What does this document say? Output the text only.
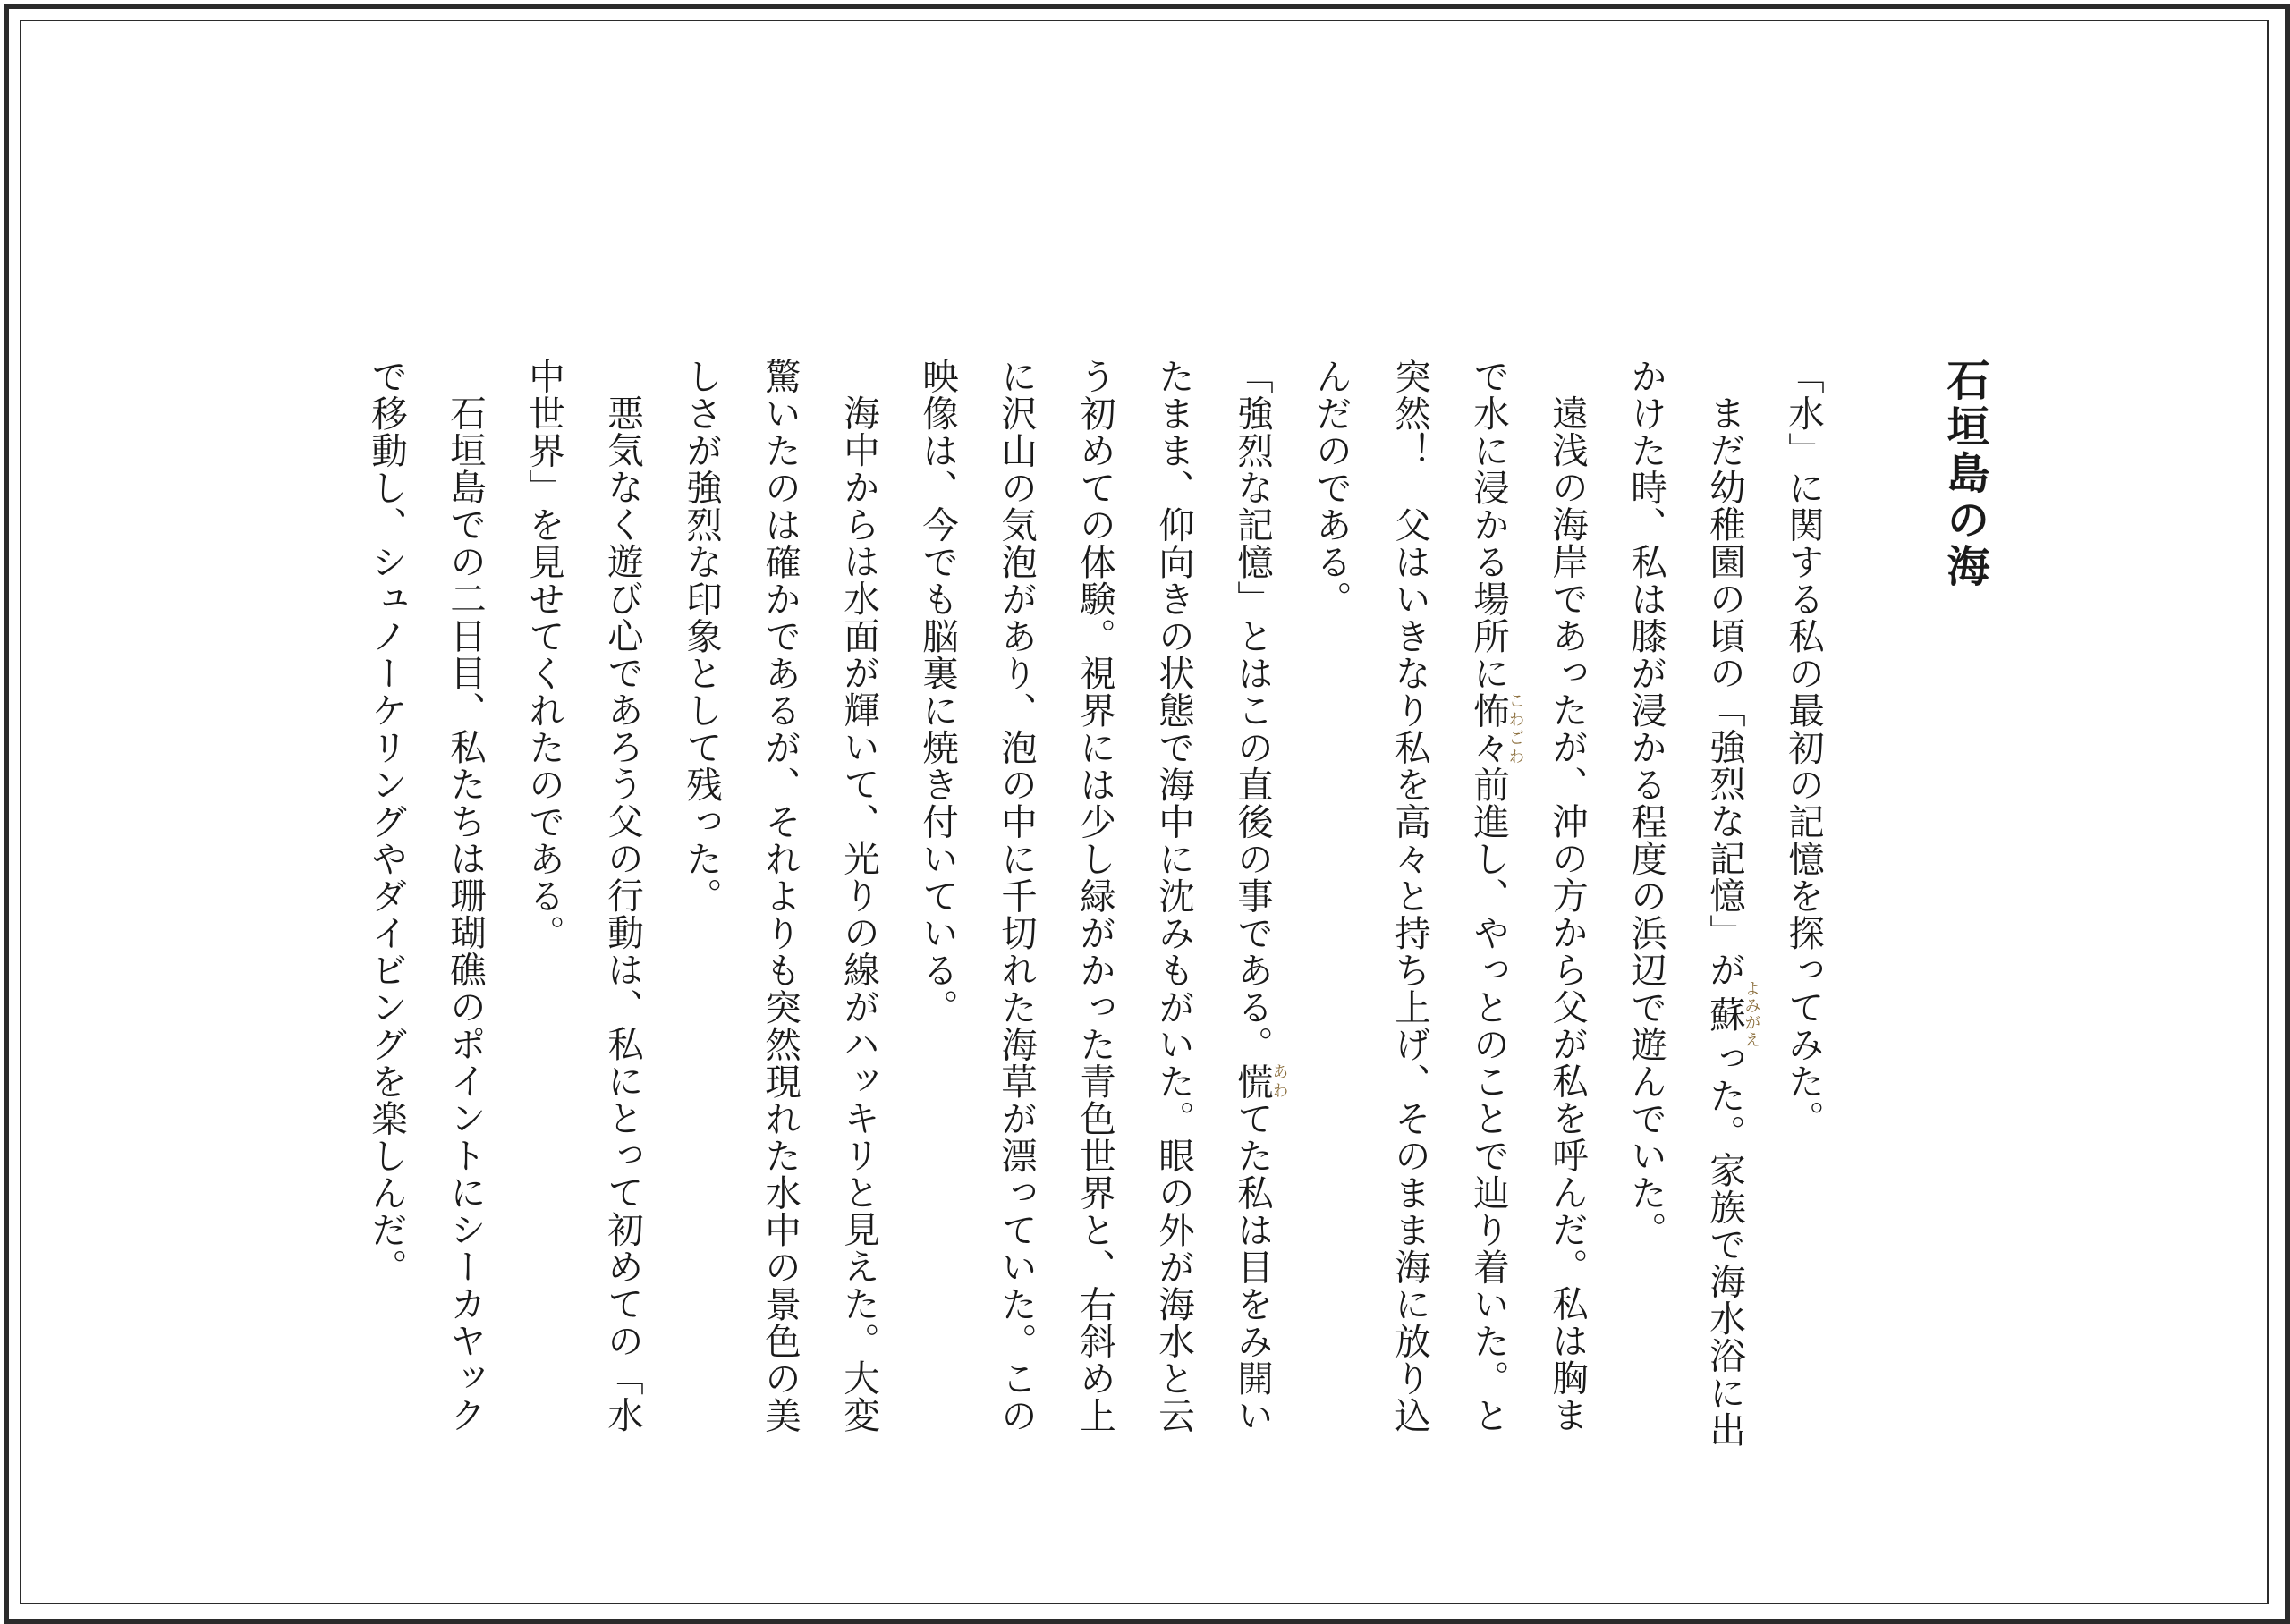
石垣島の海

「水」に関する私の最初の記憶を探ってみた。

まだ幼稚園の頃の「強烈な記憶」が蘇よみがえった。家族で海水浴に出かけた時、私は膝が浸かる程度の浜辺で遊んでいた。

遠浅の海岸であったが、沖の方から父が私を呼んだ。私は胸まで水に浸かる場所に怖々こわごわ前進し、やっとのことで辿り着いた。と突然！　父はいきなり私を高々と持ち上げ、そのまま海に放り込んだのである。

「強烈な記憶」とはこの直後の事である。慌あわてた私は目をみ開いたまま、仰向きの状態で海中に沈みもがいた。眼の外が海水と云う初めての体験。視界には少し緑がかった青色世界と、右斜め上に沢山の気泡があり、泡の中に千切れた海草が漂っていた。この映像は、今でも脳裏に焼き付いている。

海中からは水面が輝いて、光りの線がハッキリと見えた。大変驚いたのは確かであるが、それよりも突然現れた水中の景色の美しさが強烈な印象として残った。

悪気なく遊び心であろう父の行動は、私にとって初めての「水中世界」を見せてくれたのである。

石垣島での二日目、私たちは珊瑚礁のポイントにシーカヤックで移動し、シュノーケリングやダイビングを楽しんだ。
